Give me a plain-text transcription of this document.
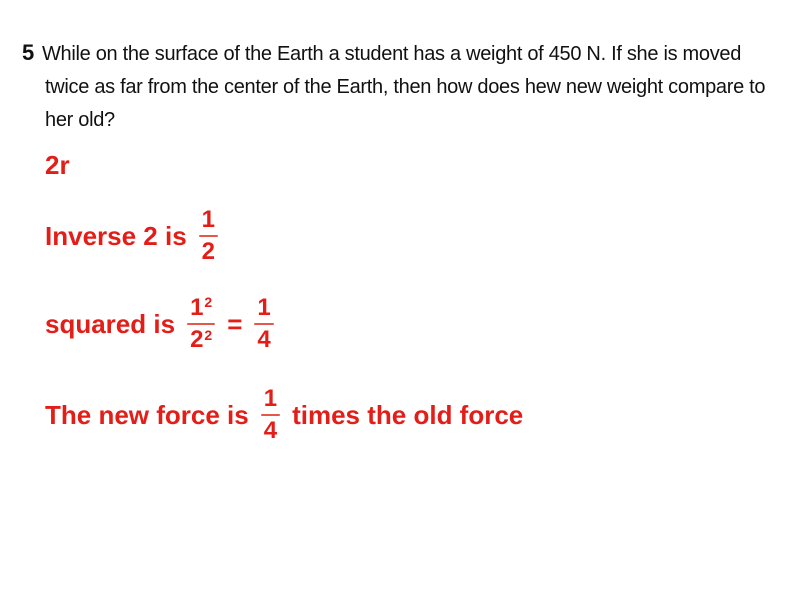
5 While on the surface of the Earth a student has a weight of 450 N. If she is moved
twice as far from the center of the Earth, then how does hew new weight compare to
her old?

2r
Inverse 2 is $\frac{1}{2}$
squared is $\frac{1^2}{2^2} = \frac{1}{4}$
The new force is $\frac{1}{4}$ times the old force
